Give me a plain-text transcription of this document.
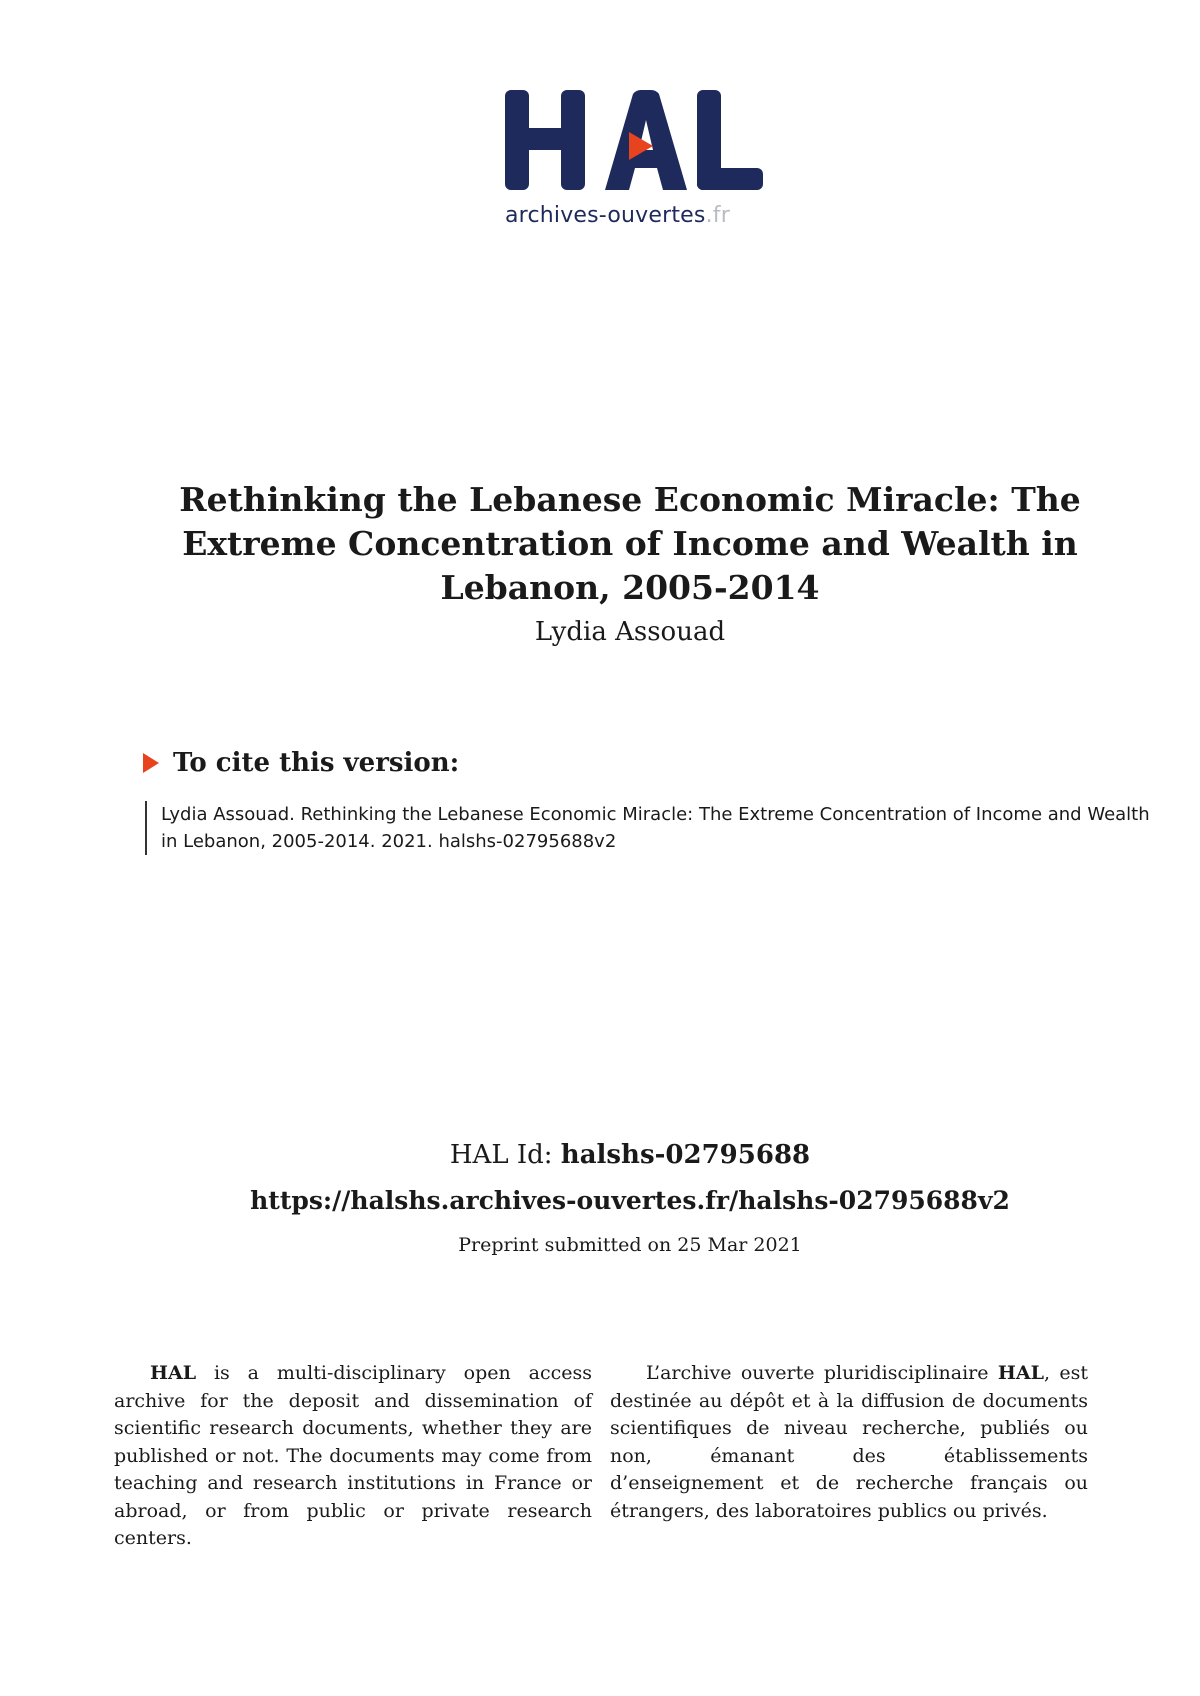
archives-ouvertes.fr
Rethinking the Lebanese Economic Miracle: The Extreme Concentration of Income and Wealth in Lebanon, 2005-2014
Lydia Assouad
To cite this version:
Lydia Assouad. Rethinking the Lebanese Economic Miracle: The Extreme Concentration of Income and Wealth in Lebanon, 2005-2014. 2021. halshs-02795688v2
HAL Id: halshs-02795688
https://halshs.archives-ouvertes.fr/halshs-02795688v2
Preprint submitted on 25 Mar 2021
HAL is a multi-disciplinary open access archive for the deposit and dissemination of scientific research documents, whether they are published or not. The documents may come from teaching and research institutions in France or abroad, or from public or private research centers.
L’archive ouverte pluridisciplinaire HAL, est destinée au dépôt et à la diffusion de documents scientifiques de niveau recherche, publiés ou non, émanant des établissements d’enseignement et de recherche français ou étrangers, des laboratoires publics ou privés.
